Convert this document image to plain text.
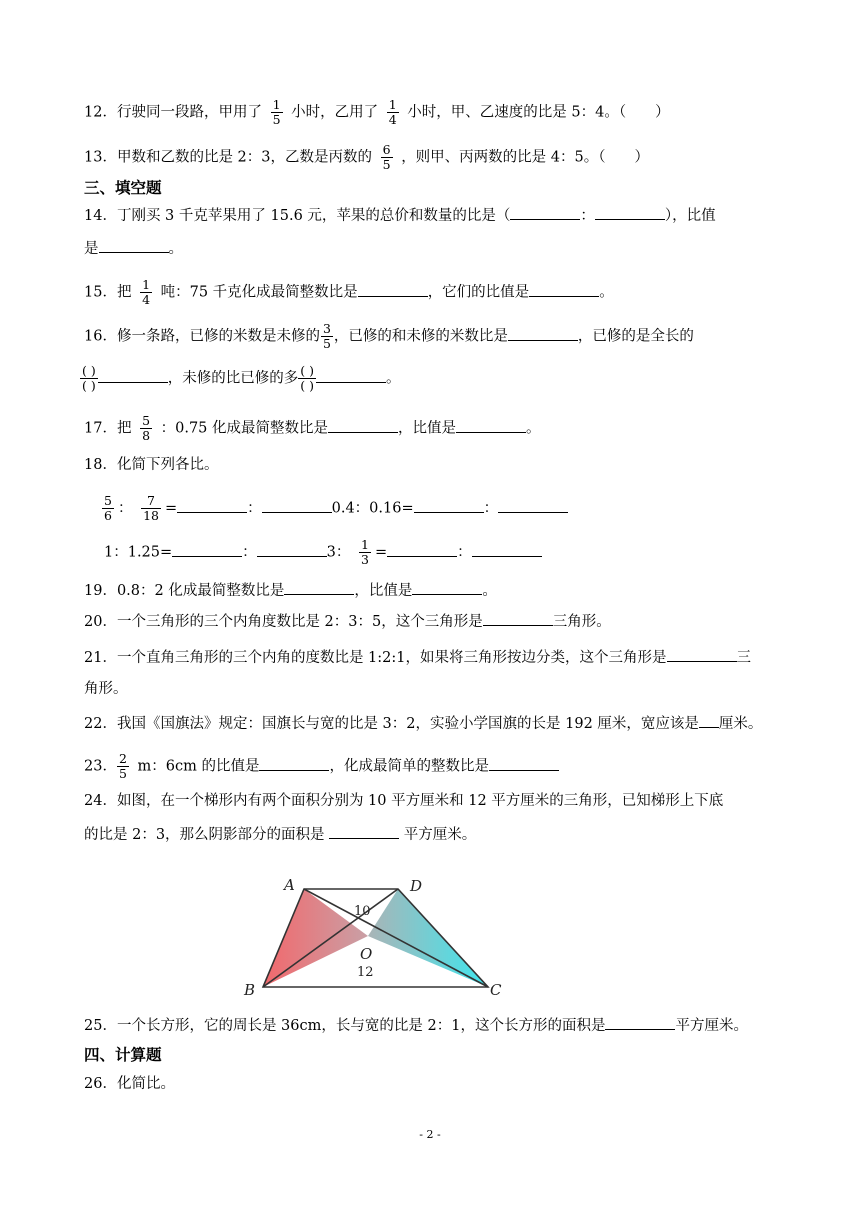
12．行驶同一段路，甲用了 $\frac{1}{5}$ 小时，乙用了 $\frac{1}{4}$ 小时，甲、乙速度的比是 5：4。（　　）
13．甲数和乙数的比是 2：3，乙数是丙数的 $\frac{6}{5}$ ，则甲、丙两数的比是 4：5。（　　）
三、填空题
14．丁刚买 3 千克苹果用了 15.6 元，苹果的总价和数量的比是（	：	），比值
是	。
15．把 $\frac{1}{4}$ 吨：75 千克化成最简整数比是	，它们的比值是	。
16．修一条路，已修的米数是未修的 $\frac{3}{5}$ ，已修的和未修的米数比是	，已修的是全长的
( )
( )	，未修的比已修的多 ( )
( )	。
17．把 $\frac{5}{8}$ ：0.75 化成最简整数比是	，比值是	。
18．化简下列各比。
$\frac{5}{6}$ ： $\frac{7}{18}$ =	：	0.4：0.16=	：
1：1.25=	：	3： $\frac{1}{3}$ =	：
19．0.8：2 化成最简整数比是	，比值是	。
20．一个三角形的三个内角度数比是 2：3：5，这个三角形是	三角形。
21．一个直角三角形的三个内角的度数比是 1:2:1，如果将三角形按边分类，这个三角形是	三
角形。
22．我国《国旗法》规定：国旗长与宽的比是 3：2，实验小学国旗的长是 192 厘米，宽应该是 厘米。
23． $\frac{2}{5}$ m：6cm 的比值是	，化成最简单的整数比是
24．如图，在一个梯形内有两个面积分别为 10 平方厘米和 12 平方厘米的三角形，已知梯形上下底
的比是 2：3，那么阴影部分的面积是	平方厘米。
A	D
B	C
O
10
12
25．一个长方形，它的周长是 36cm，长与宽的比是 2：1，这个长方形的面积是	平方厘米。
四、计算题
26．化简比。
- 2 -
